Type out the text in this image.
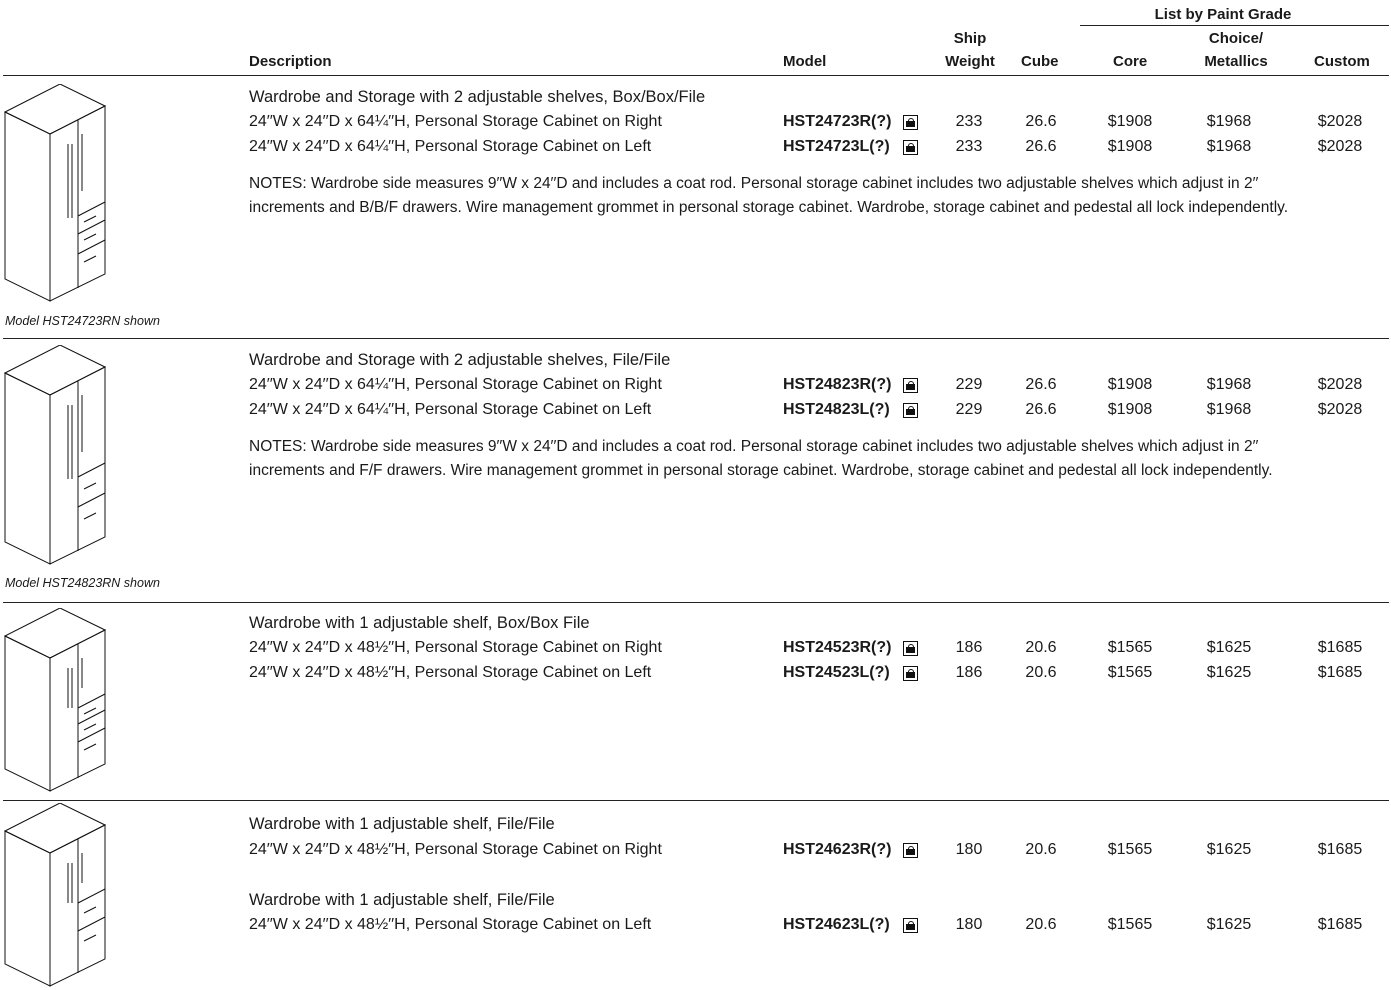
List by Paint Grade
Ship	Choice/
Description	Model	Weight	Cube	Core	Metallics	Custom
Model HST24723RN shown
Model HST24823RN shown
Wardrobe and Storage with 2 adjustable shelves, Box/Box/File
24′′W x 24′′D x 64¼′′H, Personal Storage Cabinet on Right	HST24723R(?)	233	26.6	$1908	$1968	$2028
24′′W x 24′′D x 64¼′′H, Personal Storage Cabinet on Left	HST24723L(?)	233	26.6	$1908	$1968	$2028
NOTES: Wardrobe side measures 9′′W x 24′′D and includes a coat rod. Personal storage cabinet includes two adjustable shelves which adjust in 2′′
increments and B/B/F drawers. Wire management grommet in personal storage cabinet. Wardrobe, storage cabinet and pedestal all lock independently.
Wardrobe and Storage with 2 adjustable shelves, File/File
24′′W x 24′′D x 64¼′′H, Personal Storage Cabinet on Right	HST24823R(?)	229	26.6	$1908	$1968	$2028
24′′W x 24′′D x 64¼′′H, Personal Storage Cabinet on Left	HST24823L(?)	229	26.6	$1908	$1968	$2028
NOTES: Wardrobe side measures 9′′W x 24′′D and includes a coat rod. Personal storage cabinet includes two adjustable shelves which adjust in 2′′
increments and F/F drawers. Wire management grommet in personal storage cabinet. Wardrobe, storage cabinet and pedestal all lock independently.
Wardrobe with 1 adjustable shelf, Box/Box File
24′′W x 24′′D x 48½′′H, Personal Storage Cabinet on Right	HST24523R(?)	186	20.6	$1565	$1625	$1685
24′′W x 24′′D x 48½′′H, Personal Storage Cabinet on Left	HST24523L(?)	186	20.6	$1565	$1625	$1685
Wardrobe with 1 adjustable shelf, File/File
24′′W x 24′′D x 48½′′H, Personal Storage Cabinet on Right	HST24623R(?)	180	20.6	$1565	$1625	$1685
Wardrobe with 1 adjustable shelf, File/File
24′′W x 24′′D x 48½′′H, Personal Storage Cabinet on Left	HST24623L(?)	180	20.6	$1565	$1625	$1685
